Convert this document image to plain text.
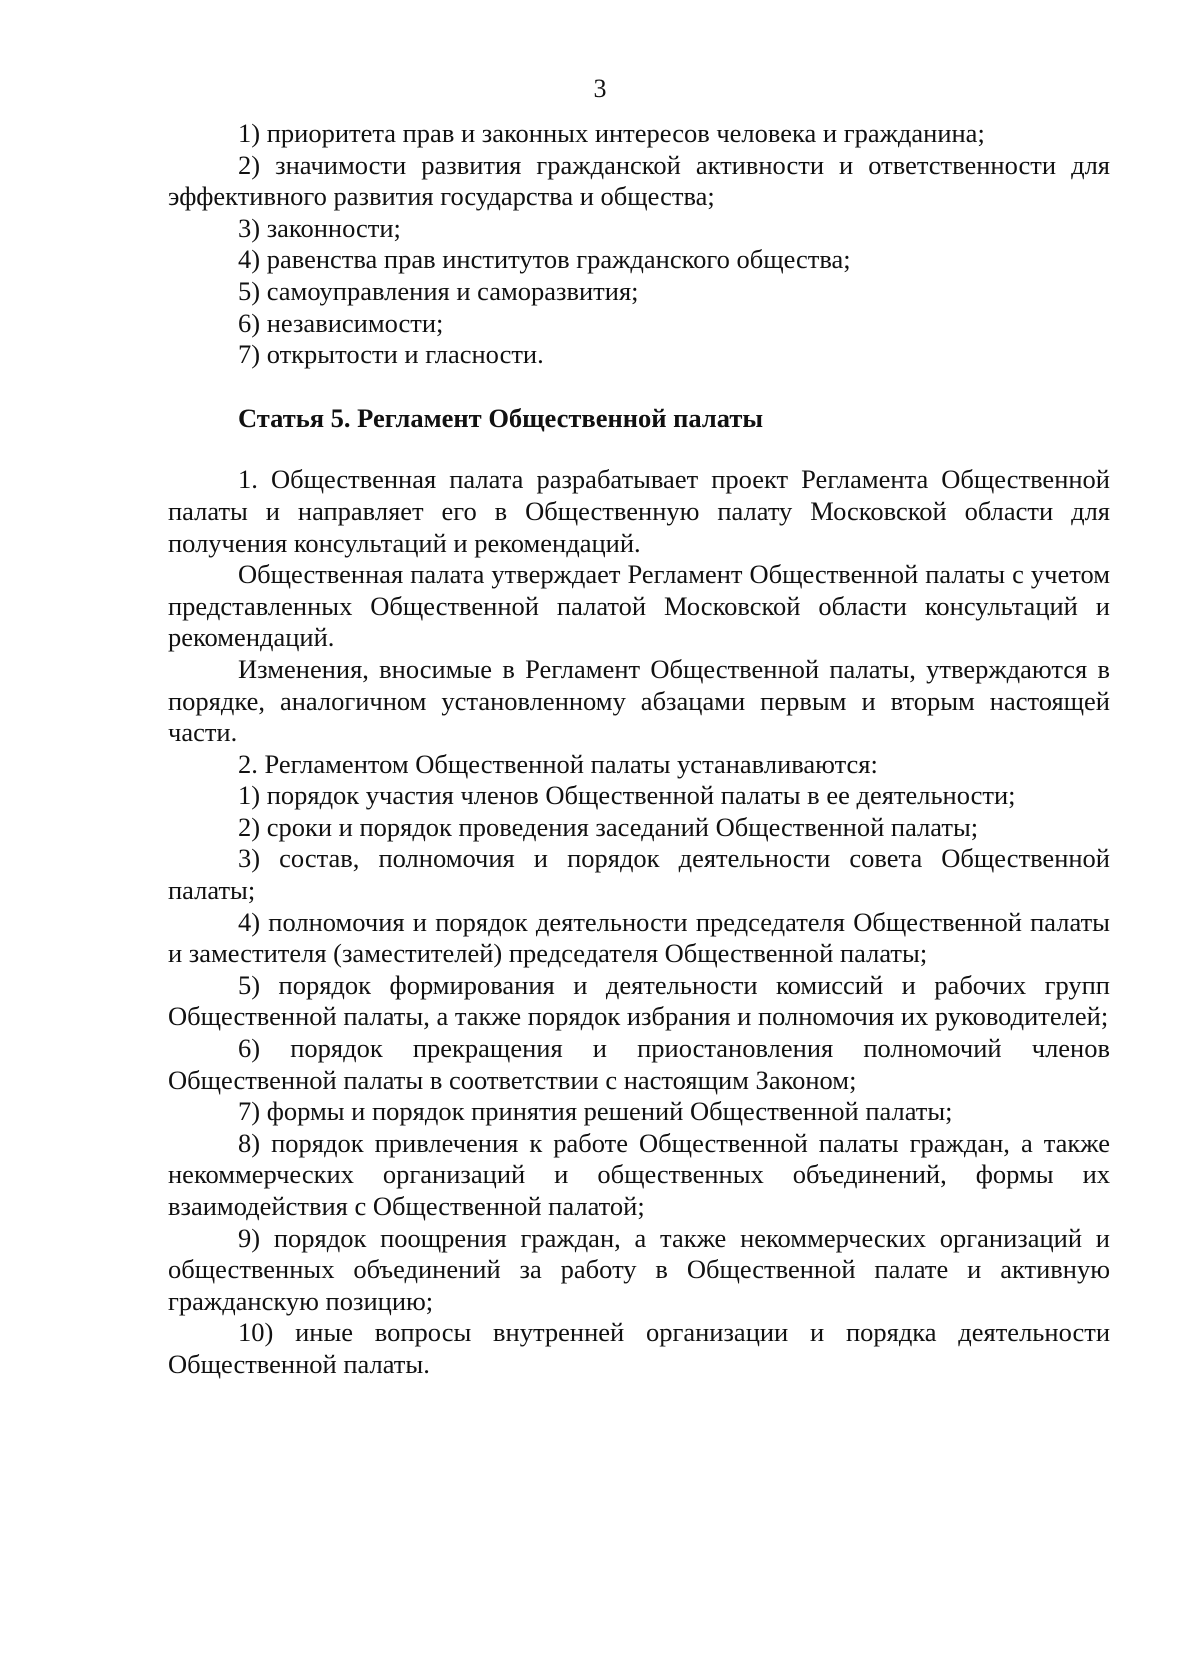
3

1) приоритета прав и законных интересов человека и гражданина;

2) значимости развития гражданской активности и ответственности для эффективного развития государства и общества;

3) законности;

4) равенства прав институтов гражданского общества;

5) самоуправления и саморазвития;

6) независимости;

7) открытости и гласности.

Статья 5. Регламент Общественной палаты

1. Общественная палата разрабатывает проект Регламента Общественной палаты и направляет его в Общественную палату Московской области для получения консультаций и рекомендаций.

Общественная палата утверждает Регламент Общественной палаты с учетом представленных Общественной палатой Московской области консультаций и рекомендаций.

Изменения, вносимые в Регламент Общественной палаты, утверждаются в порядке, аналогичном установленному абзацами первым и вторым настоящей части.

2. Регламентом Общественной палаты устанавливаются:

1) порядок участия членов Общественной палаты в ее деятельности;

2) сроки и порядок проведения заседаний Общественной палаты;

3) состав, полномочия и порядок деятельности совета Общественной палаты;

4) полномочия и порядок деятельности председателя Общественной палаты и заместителя (заместителей) председателя Общественной палаты;

5) порядок формирования и деятельности комиссий и рабочих групп Общественной палаты, а также порядок избрания и полномочия их руководителей;

6) порядок прекращения и приостановления полномочий членов Общественной палаты в соответствии с настоящим Законом;

7) формы и порядок принятия решений Общественной палаты;

8) порядок привлечения к работе Общественной палаты граждан, а также некоммерческих организаций и общественных объединений, формы их взаимодействия с Общественной палатой;

9) порядок поощрения граждан, а также некоммерческих организаций и общественных объединений за работу в Общественной палате и активную гражданскую позицию;

10) иные вопросы внутренней организации и порядка деятельности Общественной палаты.
